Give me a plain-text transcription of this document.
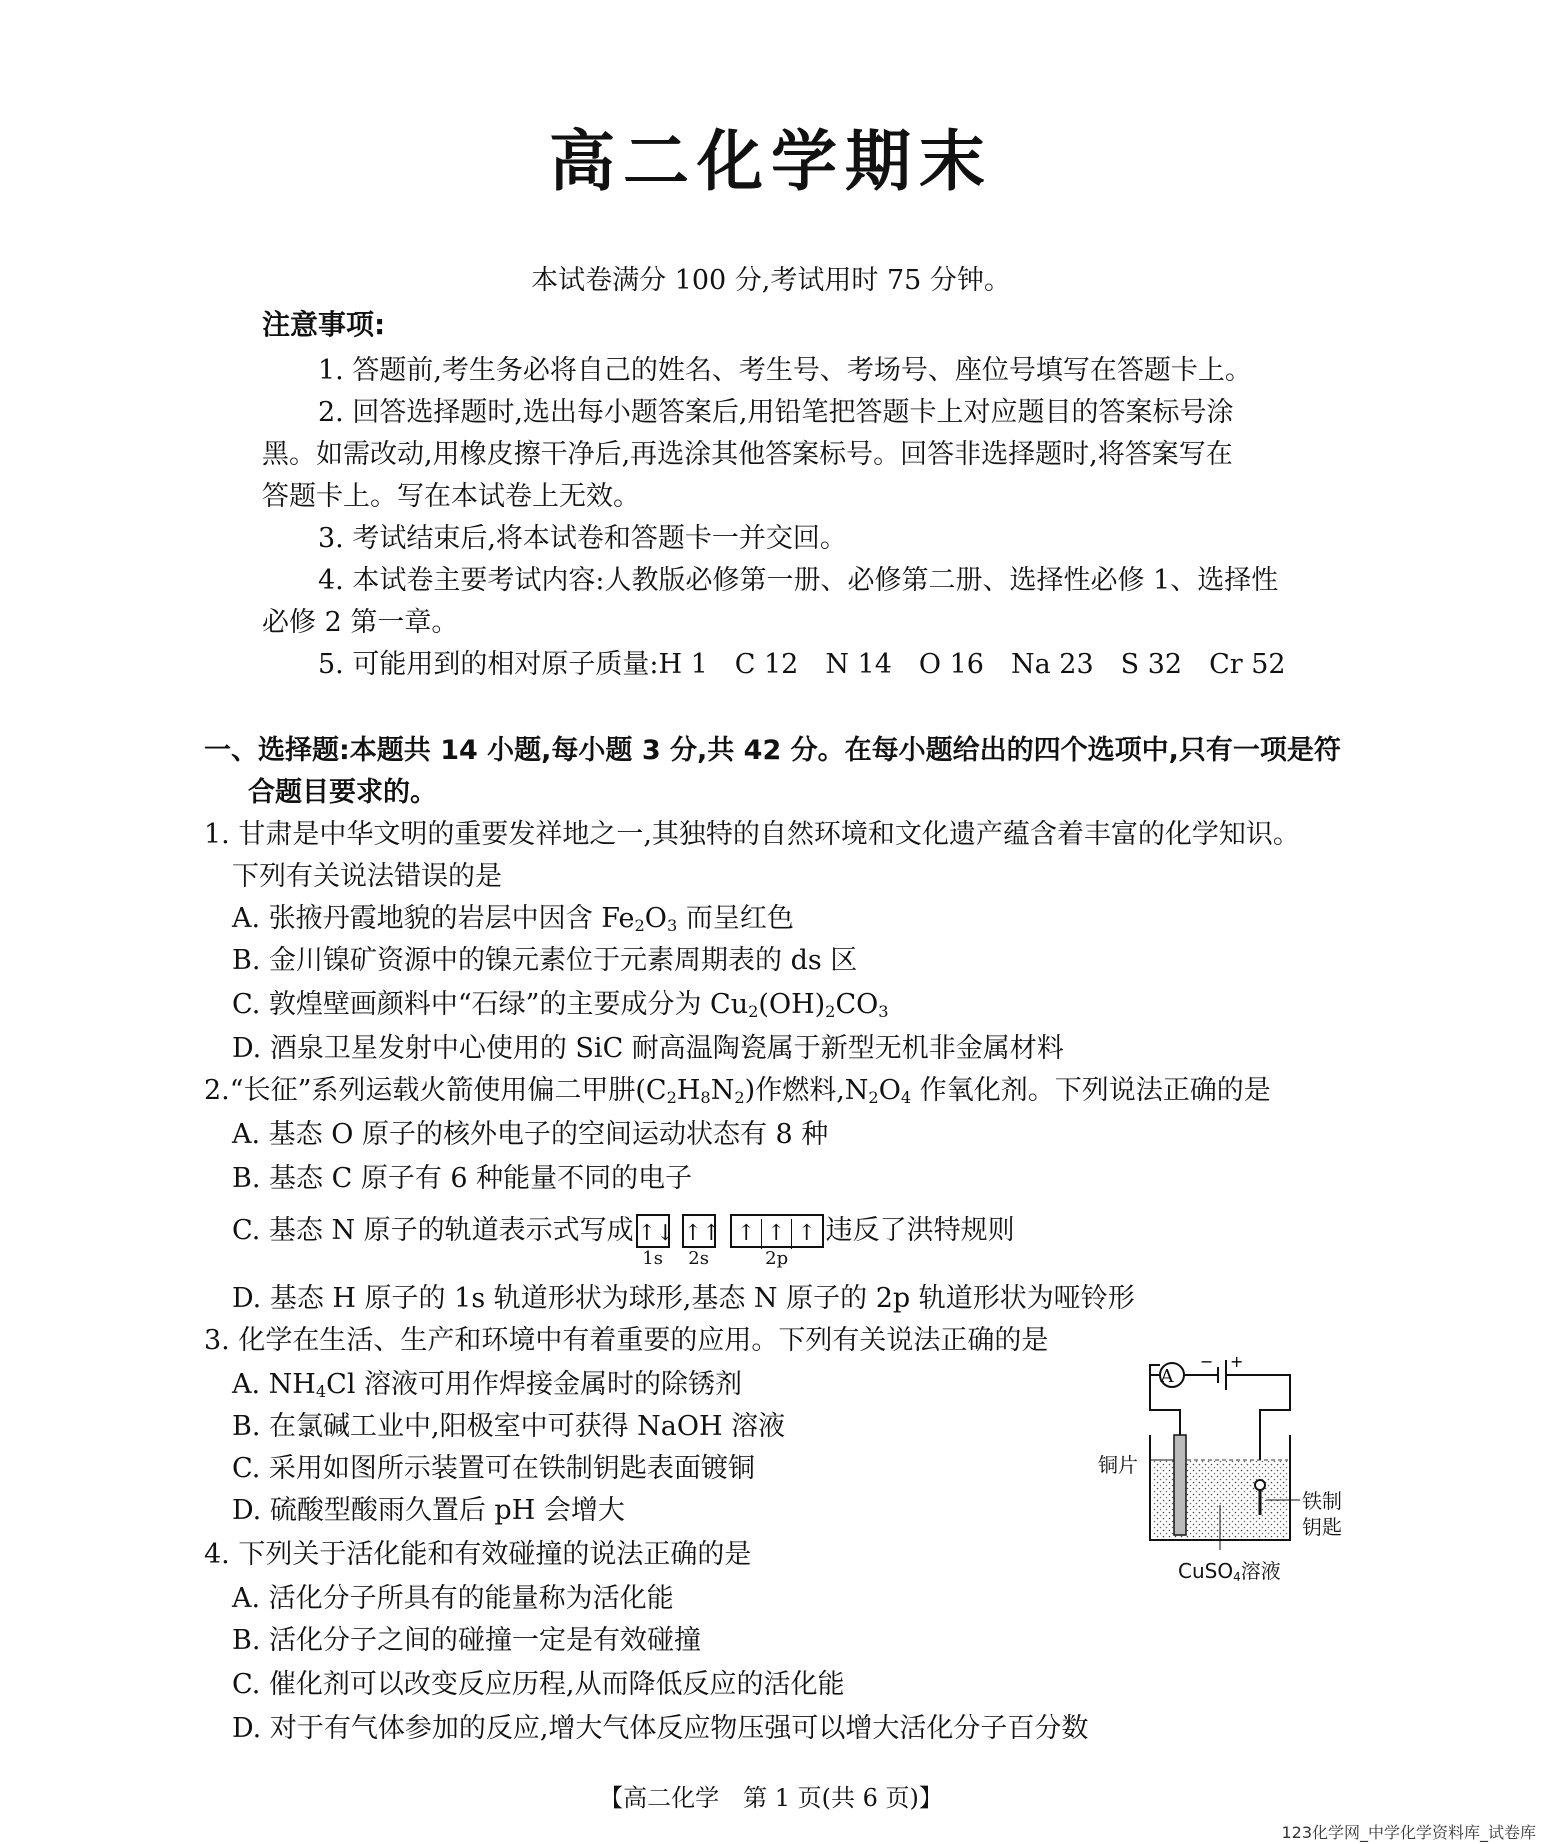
高二化学期末
本试卷满分 100 分,考试用时 75 分钟。
注意事项:
1. 答题前,考生务必将自己的姓名、考生号、考场号、座位号填写在答题卡上。
2. 回答选择题时,选出每小题答案后,用铅笔把答题卡上对应题目的答案标号涂
黑。如需改动,用橡皮擦干净后,再选涂其他答案标号。回答非选择题时,将答案写在
答题卡上。写在本试卷上无效。
3. 考试结束后,将本试卷和答题卡一并交回。
4. 本试卷主要考试内容:人教版必修第一册、必修第二册、选择性必修 1、选择性
必修 2 第一章。
5. 可能用到的相对原子质量:H 1　C 12　N 14　O 16　Na 23　S 32　Cr 52
一、选择题:本题共 14 小题,每小题 3 分,共 42 分。在每小题给出的四个选项中,只有一项是符
合题目要求的。
1. 甘肃是中华文明的重要发祥地之一,其独特的自然环境和文化遗产蕴含着丰富的化学知识。
下列有关说法错误的是
A. 张掖丹霞地貌的岩层中因含 $Fe_2O_3$ 而呈红色
B. 金川镍矿资源中的镍元素位于元素周期表的 ds 区
C. 敦煌壁画颜料中“石绿”的主要成分为 $Cu_2(OH)_2CO_3$
D. 酒泉卫星发射中心使用的 SiC 耐高温陶瓷属于新型无机非金属材料
2.“长征”系列运载火箭使用偏二甲肼$(C_2H_8N_2)$作燃料$,N_2O_4$ 作氧化剂。下列说法正确的是
A. 基态 O 原子的核外电子的空间运动状态有 8 种
B. 基态 C 原子有 6 种能量不同的电子
C. 基态 N 原子的轨道表示式写成 ↑↓
1s
↑↑
2s
↑ ↑ ↑
2p
违反了洪特规则
D. 基态 H 原子的 1s 轨道形状为球形,基态 N 原子的 2p 轨道形状为哑铃形
3. 化学在生活、生产和环境中有着重要的应用。下列有关说法正确的是
A. $NH_4Cl$ 溶液可用作焊接金属时的除锈剂
B. 在氯碱工业中,阳极室中可获得 NaOH 溶液
C. 采用如图所示装置可在铁制钥匙表面镀铜
D. 硫酸型酸雨久置后 pH 会增大
A
− +
铜片
铁制
钥匙
CuSO$_4$溶液
4. 下列关于活化能和有效碰撞的说法正确的是
A. 活化分子所具有的能量称为活化能
B. 活化分子之间的碰撞一定是有效碰撞
C. 催化剂可以改变反应历程,从而降低反应的活化能
D. 对于有气体参加的反应,增大气体反应物压强可以增大活化分子百分数
【高二化学　第 1 页(共 6 页)】
123化学网_中学化学资料库_试卷库
